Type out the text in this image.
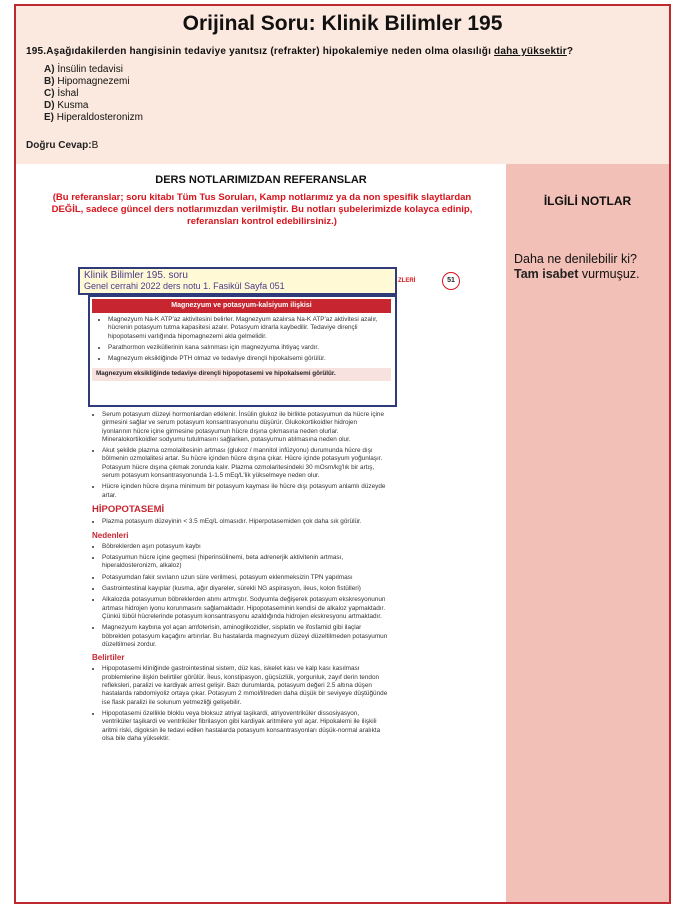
Orijinal Soru: Klinik Bilimler 195
195.Aşağıdakilerden hangisinin tedaviye yanıtsız (refrakter) hipokalemiye neden olma olasılığı daha yüksektir?
A) İnsülin tedavisi
B) Hipomagnezemi
C) İshal
D) Kusma
E) Hiperaldosteronizm
Doğru Cevap:B
DERS NOTLARIMIZDAN REFERANSLAR
(Bu referanslar; soru kitabı Tüm Tus Soruları, Kamp notlarımız ya da non spesifik slaytlardan DEĞİL, sadece güncel ders notlarımızdan verilmiştir. Bu notları şubelerimizde kolayca edinip, referansları kontrol edebilirsiniz.)
İLGİLİ NOTLAR
Daha ne denilebilir ki?
Tam isabet vurmuşuz.
Klinik Bilimler 195. soru
Genel cerrahi 2022 ders notu 1. Fasikül Sayfa 051	ZLERİ	51
Magnezyum ve potasyum-kalsiyum ilişkisi
• Magnezyum Na-K ATP'az aktivitesini belirler. Magnezyum azalırsa Na-K ATP'az aktivitesi azalır, hücrenin potasyum tutma kapasitesi azalır. Potasyum idrarla kaybedilir. Tedaviye dirençli hipopotasemi varlığında hipomagnezemi akla gelmelidir.
• Parathormon veziküllerinin kana salınması için magnezyuma ihtiyaç vardır.
• Magnezyum eksikliğinde PTH olmaz ve tedaviye dirençli hipokalsemi görülür.
Magnezyum eksikliğinde tedaviye dirençli hipopotasemi ve hipokalsemi görülür.
• Serum potasyum düzeyi hormonlardan etkilenir. İnsülin glukoz ile birlikte potasyumun da hücre içine girmesini sağlar ve serum potasyum konsantrasyonunu düşürür. Glukokortikoidler hidrojen iyonlarının hücre içine girmesine potasyumun hücre dışına çıkmasına neden olurlar. Mineralokortikoidler sodyumu tutulmasını sağlarken, potasyumun atılmasına neden olur.
• Akut şekilde plazma ozmolalitesinin artması (glukoz / mannitol infüzyonu) durumunda hücre dışı bölmenin ozmolalitesi artar. Su hücre içinden hücre dışına çıkar. Hücre içinde potasyum yoğunlaşır. Potasyum hücre dışına çıkmak zorunda kalır. Plazma ozmolaritesindeki 30 mOsm/kg'lık bir artış, serum potasyum konsantrasyonunda 1-1.5 mEq/L'lik yükselmeye neden olur.
• Hücre içinden hücre dışına minimum bir potasyum kayması ile hücre dışı potasyum anlamlı düzeyde artar.
HİPOPOTASEMİ
• Plazma potasyum düzeyinin < 3.5 mEq/L olmasıdır. Hiperpotasemiden çok daha sık görülür.
Nedenleri
• Böbreklerden aşırı potasyum kaybı
• Potasyumun hücre içine geçmesi (hiperinsülinemi, beta adrenerjik aktivitenin artması, hiperaldosteronizm, alkaloz)
• Potasyumdan fakir sıvıların uzun süre verilmesi, potasyum eklenmeksizin TPN yapılması
• Gastrointestinal kayıplar (kusma, ağır diyareler, sürekli NG aspirasyon, ileus, kolon fistülleri)
• Alkalozda potasyumun böbreklerden atımı artmıştır. Sodyumla değişerek potasyum ekskresyonunun artması hidrojen iyonu korunmasını sağlamaktadır. Hipopotaseminin kendisi de alkaloz yapmaktadır. Çünkü tübül hücrelerinde potasyum konsantrasyonu azaldığında hidrojen ekskresyonu artmaktadır.
• Magnezyum kaybına yol açan amfoterisin, aminoglikozidler, sisplatin ve ifosfamid gibi ilaçlar böbrekten potasyum kaçağını artırırlar. Bu hastalarda magnezyum düzeyi düzeltilmeden potasyumun düzeltilmesi zordur.
Belirtiler
• Hipopotasemi kliniğinde gastrointestinal sistem, düz kas, iskelet kası ve kalp kası kasılması problemlerine ilişkin belirtiler görülür. İleus, konstipasyon, güçsüzlük, yorgunluk, zayıf derin tendon refleksleri, paralizi ve kardiyak arrest gelişir. Bazı durumlarda, potasyum değeri 2.5 altına düşen hastalarda rabdomiyoliz ortaya çıkar. Potasyum 2 mmol/litreden daha düşük bir seviyeye düştüğünde ise flask paralizi ile solunum yetmezliği gelişebilir.
• Hipopotasemi özellikle bloklu veya bloksuz atriyal taşikardi, atriyoventriküler dissosiyasyon, ventriküler taşikardi ve ventriküler fibrilasyon gibi kardiyak aritmilere yol açar. Hipokalemi ile ilişkili aritmi riski, digoksin ile tedavi edilen hastalarda potasyum konsantrasyonları düşük-normal aralıkta olsa bile daha yüksektir.
